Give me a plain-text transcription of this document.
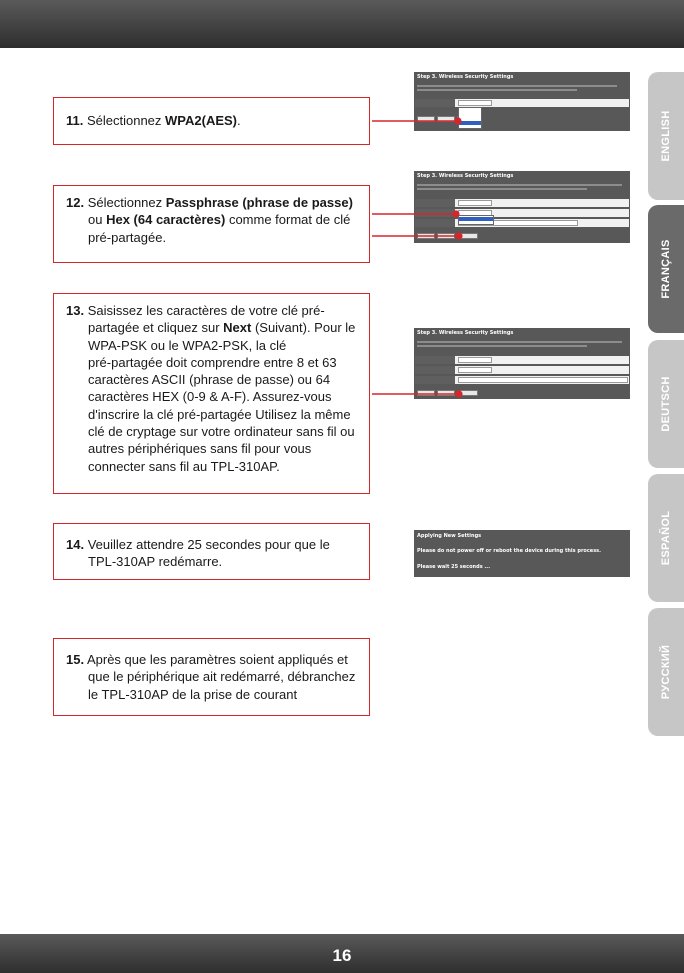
11. Sélectionnez WPA2(AES).
12. Sélectionnez Passphrase (phrase de passe)
ou Hex (64 caractères) comme format de clé
pré-partagée.
13. Saisissez les caractères de votre clé pré-
partagée et cliquez sur Next (Suivant). Pour le
WPA-PSK ou le WPA2-PSK, la clé
pré-partagée doit comprendre entre 8 et 63
caractères ASCII (phrase de passe) ou 64
caractères HEX (0-9 & A-F). Assurez-vous
d'inscrire la clé pré-partagée Utilisez la même
clé de cryptage sur votre ordinateur sans fil ou
autres périphériques sans fil pour vous
connecter sans fil au TPL-310AP.
14. Veuillez attendre 25 secondes pour que le
TPL-310AP redémarre.
15. Après que les paramètres soient appliqués et
que le périphérique ait redémarré, débranchez
le TPL-310AP de la prise de courant
Step 3. Wireless Security Settings
Step 3. Wireless Security Settings
Step 3. Wireless Security Settings
Applying New Settings
Please do not power off or reboot the device during this process.
Please wait 25 seconds ...
ENGLISH
FRANÇAIS
DEUTSCH
ESPAÑOL
РУССКИЙ
16
